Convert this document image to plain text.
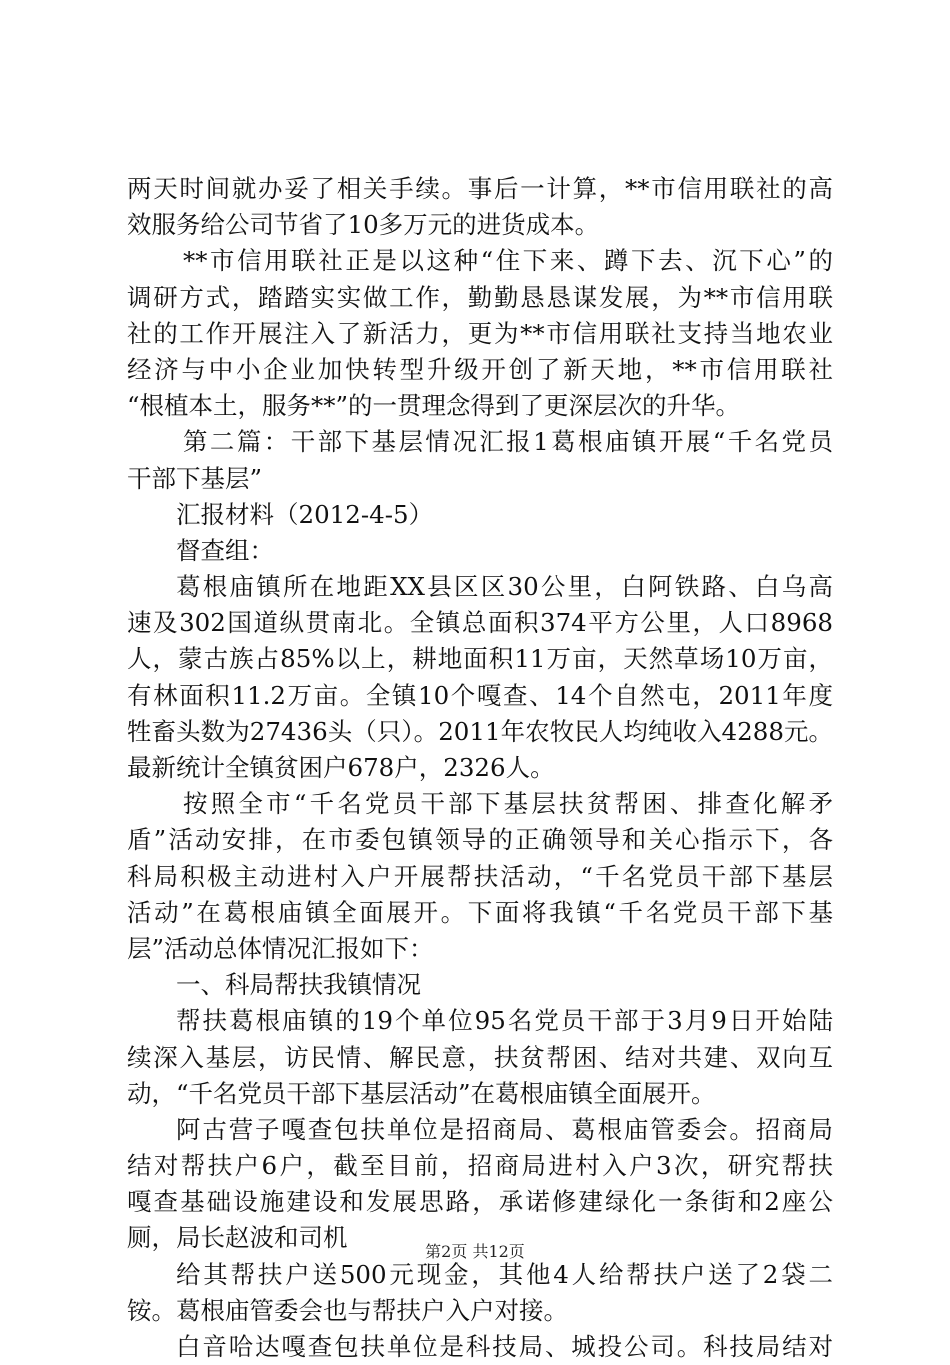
两天时间就办妥了相关手续。事后一计算，**市信用联社的高
效服务给公司节省了10多万元的进货成本。
**市信用联社正是以这种“住下来、蹲下去、沉下心”的
调研方式，踏踏实实做工作，勤勤恳恳谋发展，为**市信用联
社的工作开展注入了新活力，更为**市信用联社支持当地农业
经济与中小企业加快转型升级开创了新天地，**市信用联社
“根植本土，服务**”的一贯理念得到了更深层次的升华。
第二篇：干部下基层情况汇报1葛根庙镇开展“千名党员
干部下基层”
汇报材料（2012-4-5）
督查组：
葛根庙镇所在地距XX县区区30公里，白阿铁路、白乌高
速及302国道纵贯南北。全镇总面积374平方公里，人口8968
人，蒙古族占85%以上，耕地面积11万亩，天然草场10万亩，
有林面积11.2万亩。全镇10个嘎查、14个自然屯，2011年度
牲畜头数为27436头（只）。2011年农牧民人均纯收入4288元。
最新统计全镇贫困户678户，2326人。
按照全市“千名党员干部下基层扶贫帮困、排查化解矛
盾”活动安排，在市委包镇领导的正确领导和关心指示下，各
科局积极主动进村入户开展帮扶活动，“千名党员干部下基层
活动”在葛根庙镇全面展开。下面将我镇“千名党员干部下基
层”活动总体情况汇报如下：
一、科局帮扶我镇情况
帮扶葛根庙镇的19个单位95名党员干部于3月9日开始陆
续深入基层，访民情、解民意，扶贫帮困、结对共建、双向互
动，“千名党员干部下基层活动”在葛根庙镇全面展开。
阿古营子嘎查包扶单位是招商局、葛根庙管委会。招商局
结对帮扶户6户，截至目前，招商局进村入户3次，研究帮扶
嘎查基础设施建设和发展思路，承诺修建绿化一条街和2座公
厕，局长赵波和司机
给其帮扶户送500元现金，其他4人给帮扶户送了2袋二
铵。葛根庙管委会也与帮扶户入户对接。
白音哈达嘎查包扶单位是科技局、城投公司。科技局结对
第2页 共12页
